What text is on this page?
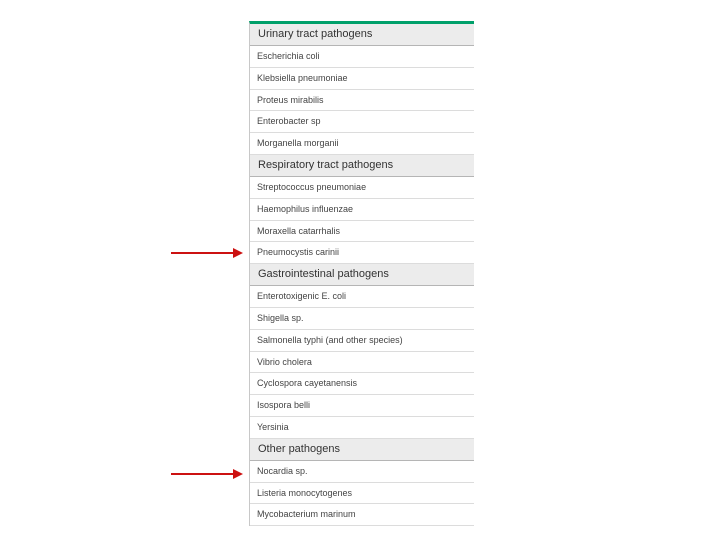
Urinary tract pathogens
Escherichia coli
Klebsiella pneumoniae
Proteus mirabilis
Enterobacter sp
Morganella morganii
Respiratory tract pathogens
Streptococcus pneumoniae
Haemophilus influenzae
Moraxella catarrhalis
Pneumocystis carinii
Gastrointestinal pathogens
Enterotoxigenic E. coli
Shigella sp.
Salmonella typhi (and other species)
Vibrio cholera
Cyclospora cayetanensis
Isospora belli
Yersinia
Other pathogens
Nocardia sp.
Listeria monocytogenes
Mycobacterium marinum
